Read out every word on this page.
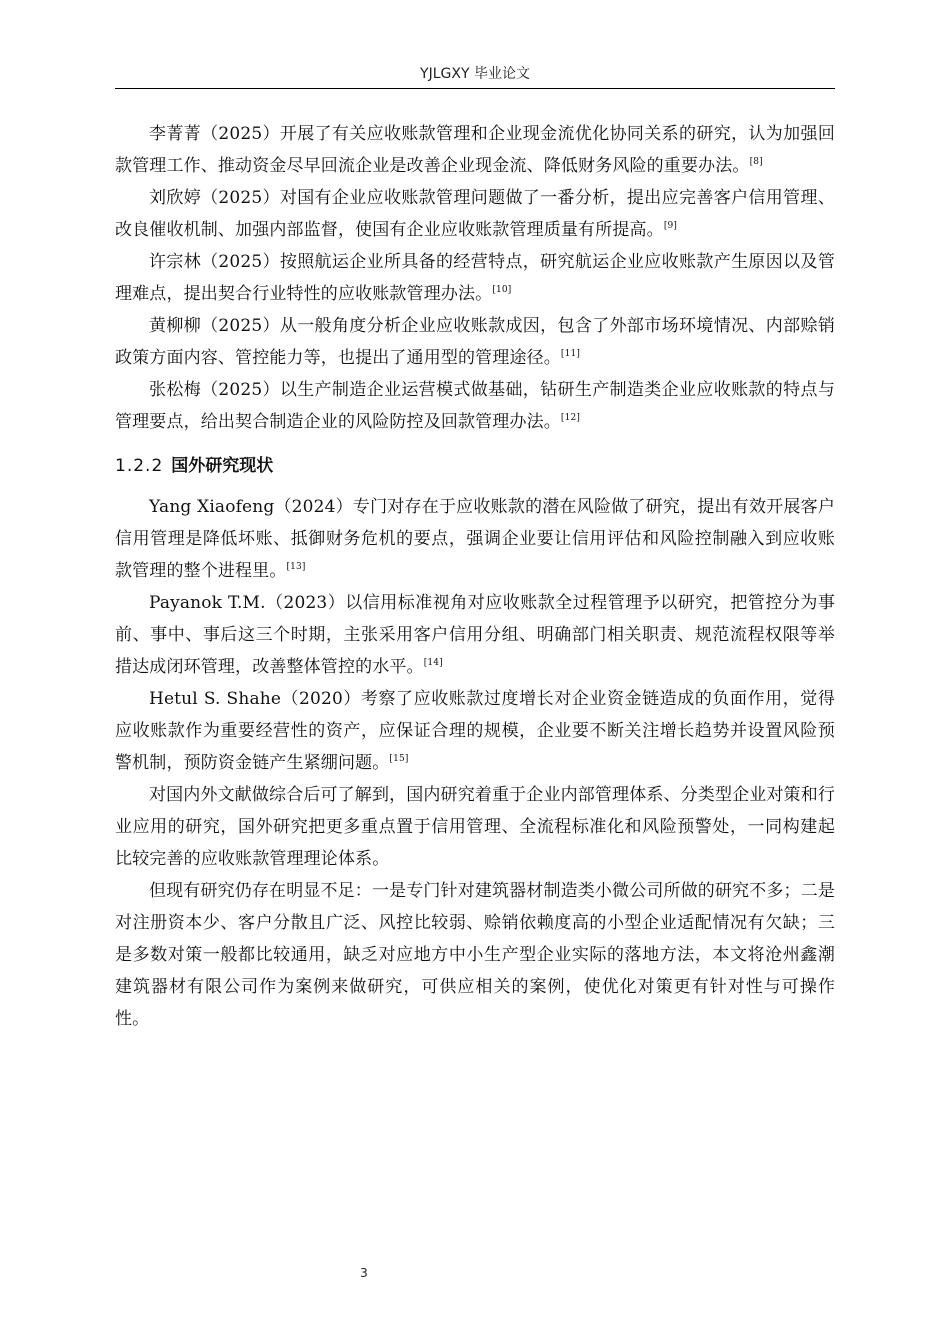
YJLGXY 毕业论文

李菁菁（2025）开展了有关应收账款管理和企业现金流优化协同关系的研究，认为加强回款管理工作、推动资金尽早回流企业是改善企业现金流、降低财务风险的重要办法。[8]

刘欣婷（2025）对国有企业应收账款管理问题做了一番分析，提出应完善客户信用管理、改良催收机制、加强内部监督，使国有企业应收账款管理质量有所提高。[9]

许宗林（2025）按照航运企业所具备的经营特点，研究航运企业应收账款产生原因以及管理难点，提出契合行业特性的应收账款管理办法。[10]

黄柳柳（2025）从一般角度分析企业应收账款成因，包含了外部市场环境情况、内部赊销政策方面内容、管控能力等，也提出了通用型的管理途径。[11]

张松梅（2025）以生产制造企业运营模式做基础，钻研生产制造类企业应收账款的特点与管理要点，给出契合制造企业的风险防控及回款管理办法。[12]

1.2.2 国外研究现状

Yang Xiaofeng（2024）专门对存在于应收账款的潜在风险做了研究，提出有效开展客户信用管理是降低坏账、抵御财务危机的要点，强调企业要让信用评估和风险控制融入到应收账款管理的整个进程里。[13]

Payanok T.M.（2023）以信用标准视角对应收账款全过程管理予以研究，把管控分为事前、事中、事后这三个时期，主张采用客户信用分组、明确部门相关职责、规范流程权限等举措达成闭环管理，改善整体管控的水平。[14]

Hetul S. Shahe（2020）考察了应收账款过度增长对企业资金链造成的负面作用，觉得应收账款作为重要经营性的资产，应保证合理的规模，企业要不断关注增长趋势并设置风险预警机制，预防资金链产生紧绷问题。[15]

对国内外文献做综合后可了解到，国内研究着重于企业内部管理体系、分类型企业对策和行业应用的研究，国外研究把更多重点置于信用管理、全流程标准化和风险预警处，一同构建起比较完善的应收账款管理理论体系。

但现有研究仍存在明显不足：一是专门针对建筑器材制造类小微公司所做的研究不多；二是对注册资本少、客户分散且广泛、风控比较弱、赊销依赖度高的小型企业适配情况有欠缺；三是多数对策一般都比较通用，缺乏对应地方中小生产型企业实际的落地方法，本文将沧州鑫潮建筑器材有限公司作为案例来做研究，可供应相关的案例，使优化对策更有针对性与可操作性。

3
